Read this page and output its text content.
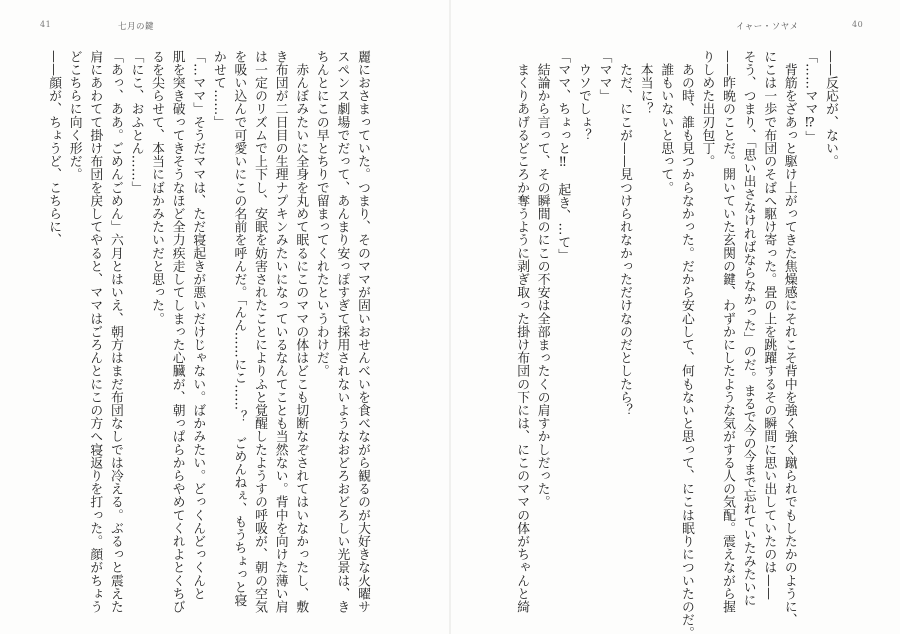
41	七月の鍵
麗におさまっていた。つまり、そのママが固いおせんべいを食べながら観るのが大好きな火曜サ
スペンス劇場でだって、あんまり安っぽすぎて採用されないようなおどろおどろしい光景は、き
ちんとにこの早とちりで留まってくれたというわけだ。
　赤んぼみたいに全身を丸めて眠るにこのママの体はどこも切断なぞされてはいなかったし、敷
き布団が二日目の生理ナプキンみたいになっているなんてことも当然ない。背中を向けた薄い肩
は一定のリズムで上下し、安眠を妨害されたことによりふと覚醒したようすの呼吸が、朝の空気
を吸い込んで可愛いにこの名前を呼んだ。「んん……にこ……？　ごめんねぇ、もうちょっと寝
かせて……」
「…ママ」そうだママは、ただ寝起きが悪いだけじゃない。ばかみたい。どっくんどっくんと
肌を突き破ってきそうなほど全力疾走してしまった心臓が、朝っぱらからやめてくれよとくちび
るを尖らせて、本当にばかみたいだと思った。
「にこ、おふとん……」
「あっ、ああ。ごめんごめん」六月とはいえ、朝方はまだ布団なしでは冷える。ぶるっと震えた
肩にあわてて掛け布団を戻してやると、ママはごろんとにこの方へ寝返りを打った。顔がちょう
どこちらに向く形だ。
——顔が、ちょうど、こちらに、
イャー・ソヤメ	40
——反応が、ない。
「……ママ⁉」
　背筋をざあっと駆け上がってきた焦燥感にそれこそ背中を強く強く蹴られでもしたかのように、
にこは一歩で布団のそばへ駆け寄った。畳の上を跳躍するその瞬間に思い出していたのは——
そう、つまり、「思い出さなければならなかった」のだ。まるで今の今まで忘れていたみたいに
——昨晩のことだ。開いていた玄関の鍵、わずかにしたような気がする人の気配。震えながら握
りしめた出刃包丁。
　あの時、誰も見つからなかった。だから安心して、何もないと思って、にこは眠りについたのだ。
　誰もいないと思って。
　本当に？
　ただ、にこが——見つけられなかっただけなのだとしたら？
「ママ」
　ウソでしょ？
「ママ、ちょっと‼　起き、…て」
　結論から言って、その瞬間のにこの不安は全部まったくの肩すかしだった。
　まくりあげるどころか奪うように剥ぎ取った掛け布団の下には、にこのママの体がちゃんと綺
